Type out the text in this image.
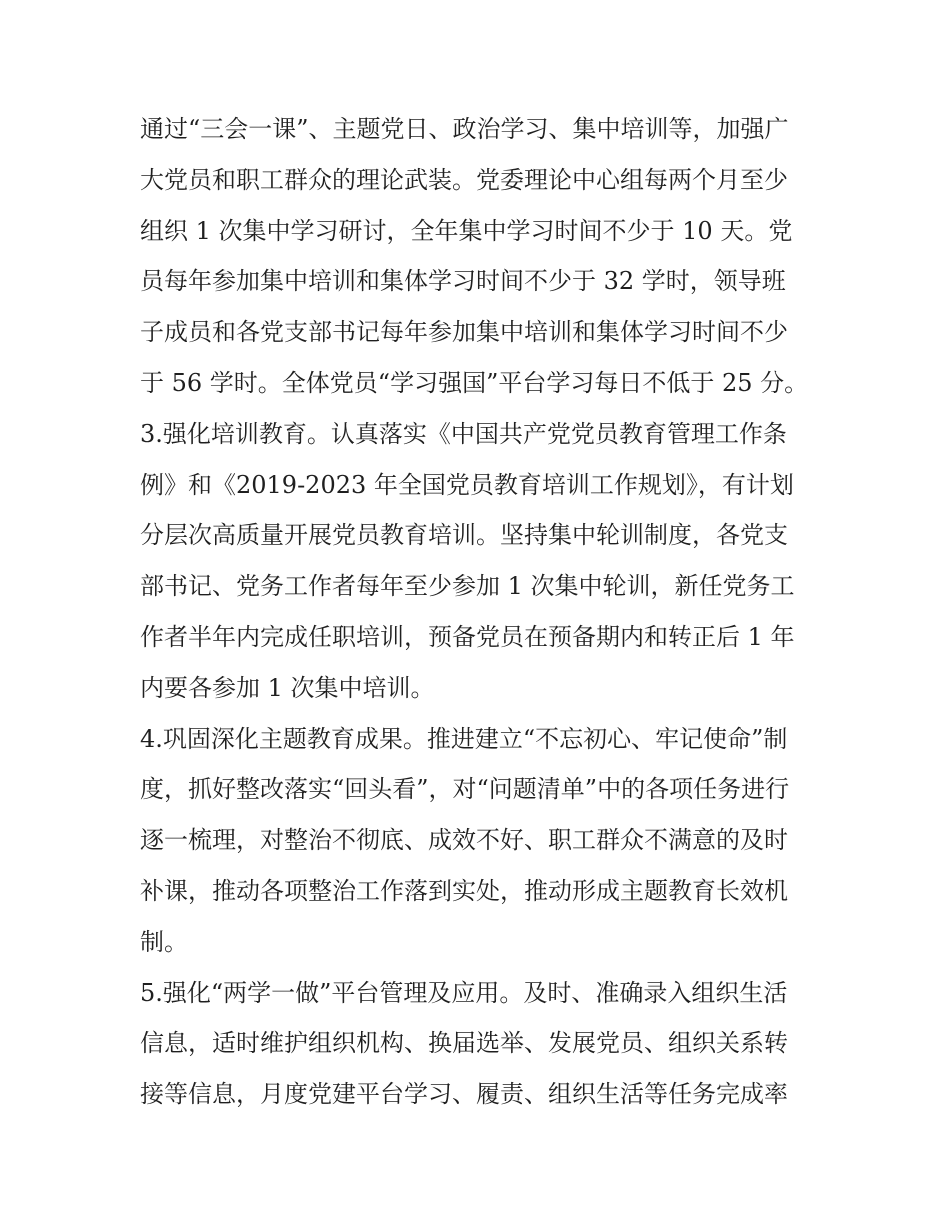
通过“三会一课”、主题党日、政治学习、集中培训等，加强广
大党员和职工群众的理论武装。党委理论中心组每两个月至少
组织 1 次集中学习研讨，全年集中学习时间不少于 10 天。党
员每年参加集中培训和集体学习时间不少于 32 学时，领导班
子成员和各党支部书记每年参加集中培训和集体学习时间不少
于 56 学时。全体党员“学习强国”平台学习每日不低于 25 分。
3.强化培训教育。认真落实《中国共产党党员教育管理工作条
例》和《2019-2023 年全国党员教育培训工作规划》，有计划
分层次高质量开展党员教育培训。坚持集中轮训制度，各党支
部书记、党务工作者每年至少参加 1 次集中轮训，新任党务工
作者半年内完成任职培训，预备党员在预备期内和转正后 1 年
内要各参加 1 次集中培训。
4.巩固深化主题教育成果。推进建立“不忘初心、牢记使命”制
度，抓好整改落实“回头看”，对“问题清单”中的各项任务进行
逐一梳理，对整治不彻底、成效不好、职工群众不满意的及时
补课，推动各项整治工作落到实处，推动形成主题教育长效机
制。
5.强化“两学一做”平台管理及应用。及时、准确录入组织生活
信息，适时维护组织机构、换届选举、发展党员、组织关系转
接等信息，月度党建平台学习、履责、组织生活等任务完成率
